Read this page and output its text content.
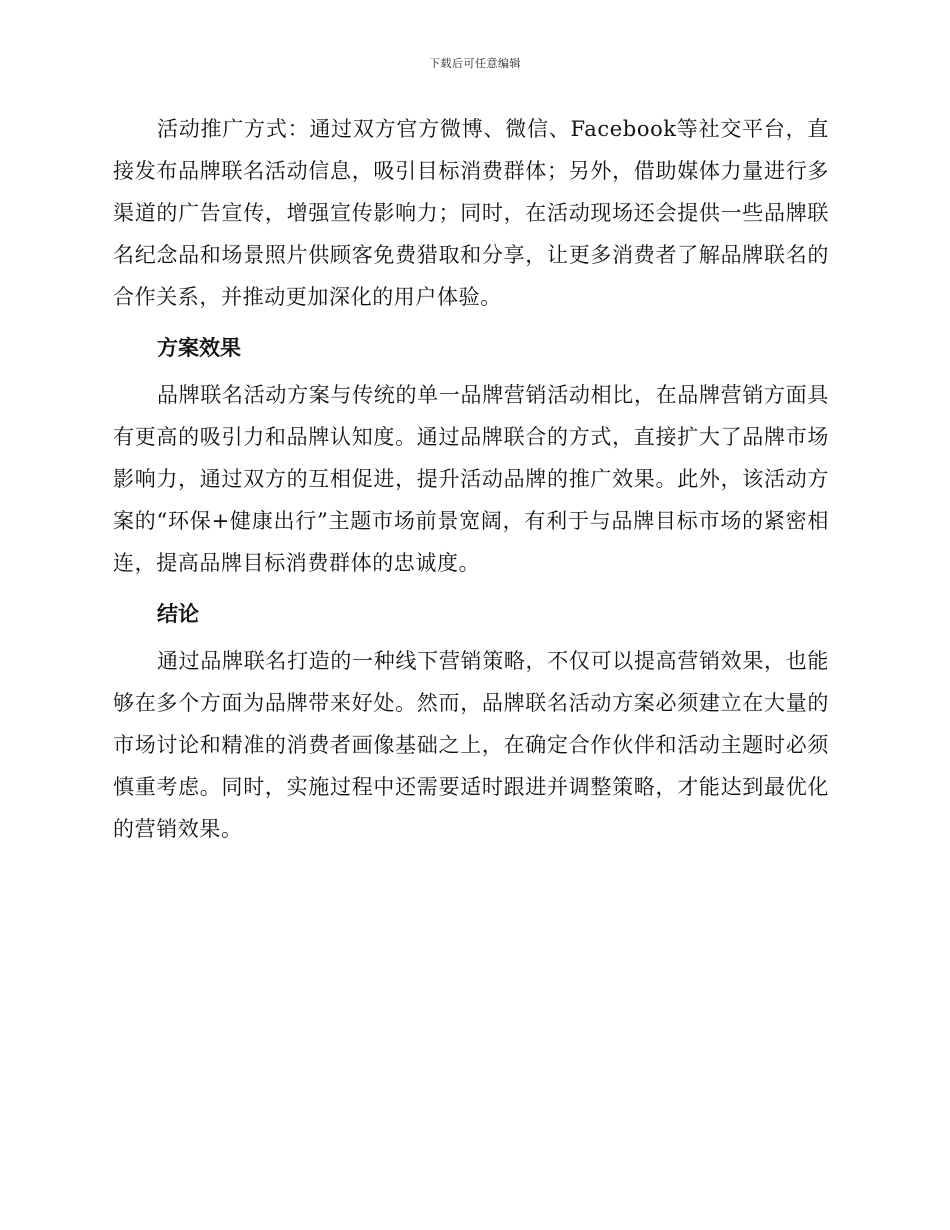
下载后可任意编辑

活动推广方式：通过双方官方微博、微信、Facebook等社交平台，直接发布品牌联名活动信息，吸引目标消费群体；另外，借助媒体力量进行多渠道的广告宣传，增强宣传影响力；同时，在活动现场还会提供一些品牌联名纪念品和场景照片供顾客免费猎取和分享，让更多消费者了解品牌联名的合作关系，并推动更加深化的用户体验。

方案效果

品牌联名活动方案与传统的单一品牌营销活动相比，在品牌营销方面具有更高的吸引力和品牌认知度。通过品牌联合的方式，直接扩大了品牌市场影响力，通过双方的互相促进，提升活动品牌的推广效果。此外，该活动方案的“环保+健康出行”主题市场前景宽阔，有利于与品牌目标市场的紧密相连，提高品牌目标消费群体的忠诚度。

结论

通过品牌联名打造的一种线下营销策略，不仅可以提高营销效果，也能够在多个方面为品牌带来好处。然而，品牌联名活动方案必须建立在大量的市场讨论和精准的消费者画像基础之上，在确定合作伙伴和活动主题时必须慎重考虑。同时，实施过程中还需要适时跟进并调整策略，才能达到最优化的营销效果。
